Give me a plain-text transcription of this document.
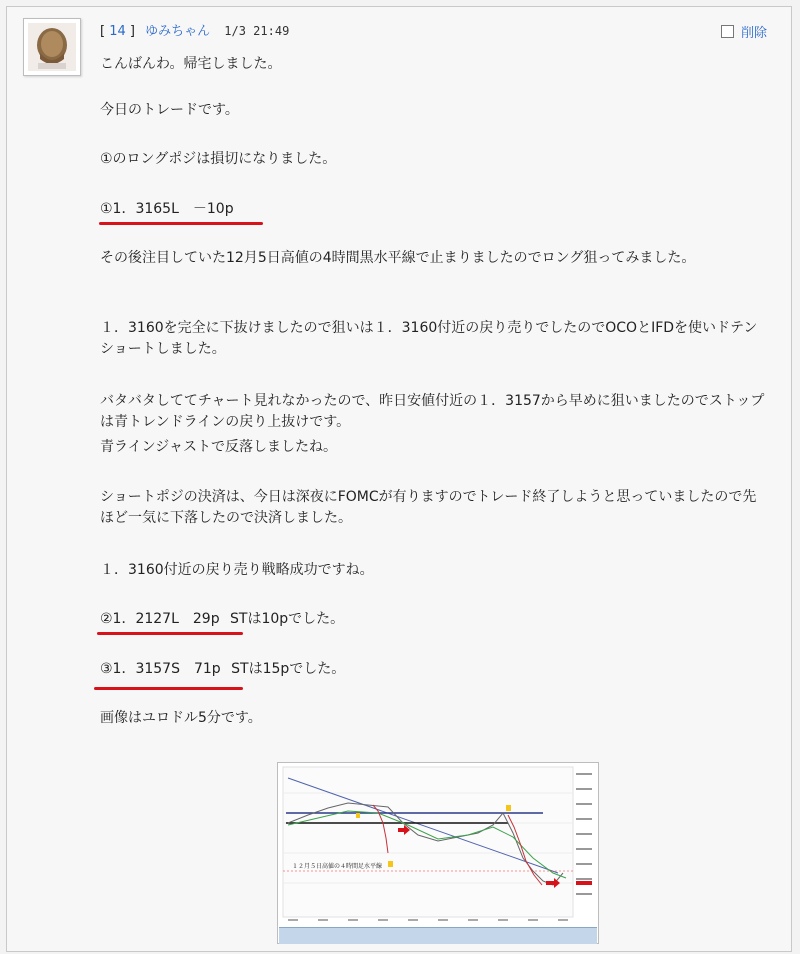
[ 14 ] ゆみちゃん 1/3 21:49	削除

こんばんわ。帰宅しました。

今日のトレードです。

①のロングポジは損切になりました。

①1．3165L　－10p

その後注目していた12月5日高値の4時間黒水平線で止まりましたのでロング狙ってみました。

１．3160を完全に下抜けましたので狙いは１．3160付近の戻り売りでしたのでOCOとIFDを使いドテンショートしました。

バタバタしててチャート見れなかったので、昨日安値付近の１．3157から早めに狙いましたのでストップは青トレンドラインの戻り上抜けです。

青ラインジャストで反落しましたね。

ショートポジの決済は、今日は深夜にFOMCが有りますのでトレード終了しようと思っていましたので先ほど一気に下落したので決済しました。

１．3160付近の戻り売り戦略成功ですね。

②1．2127L　29p STは10pでした。

③1．3157S　71p STは15pでした。

画像はユロドル5分です。

１２月５日高値の４時間足水平線
